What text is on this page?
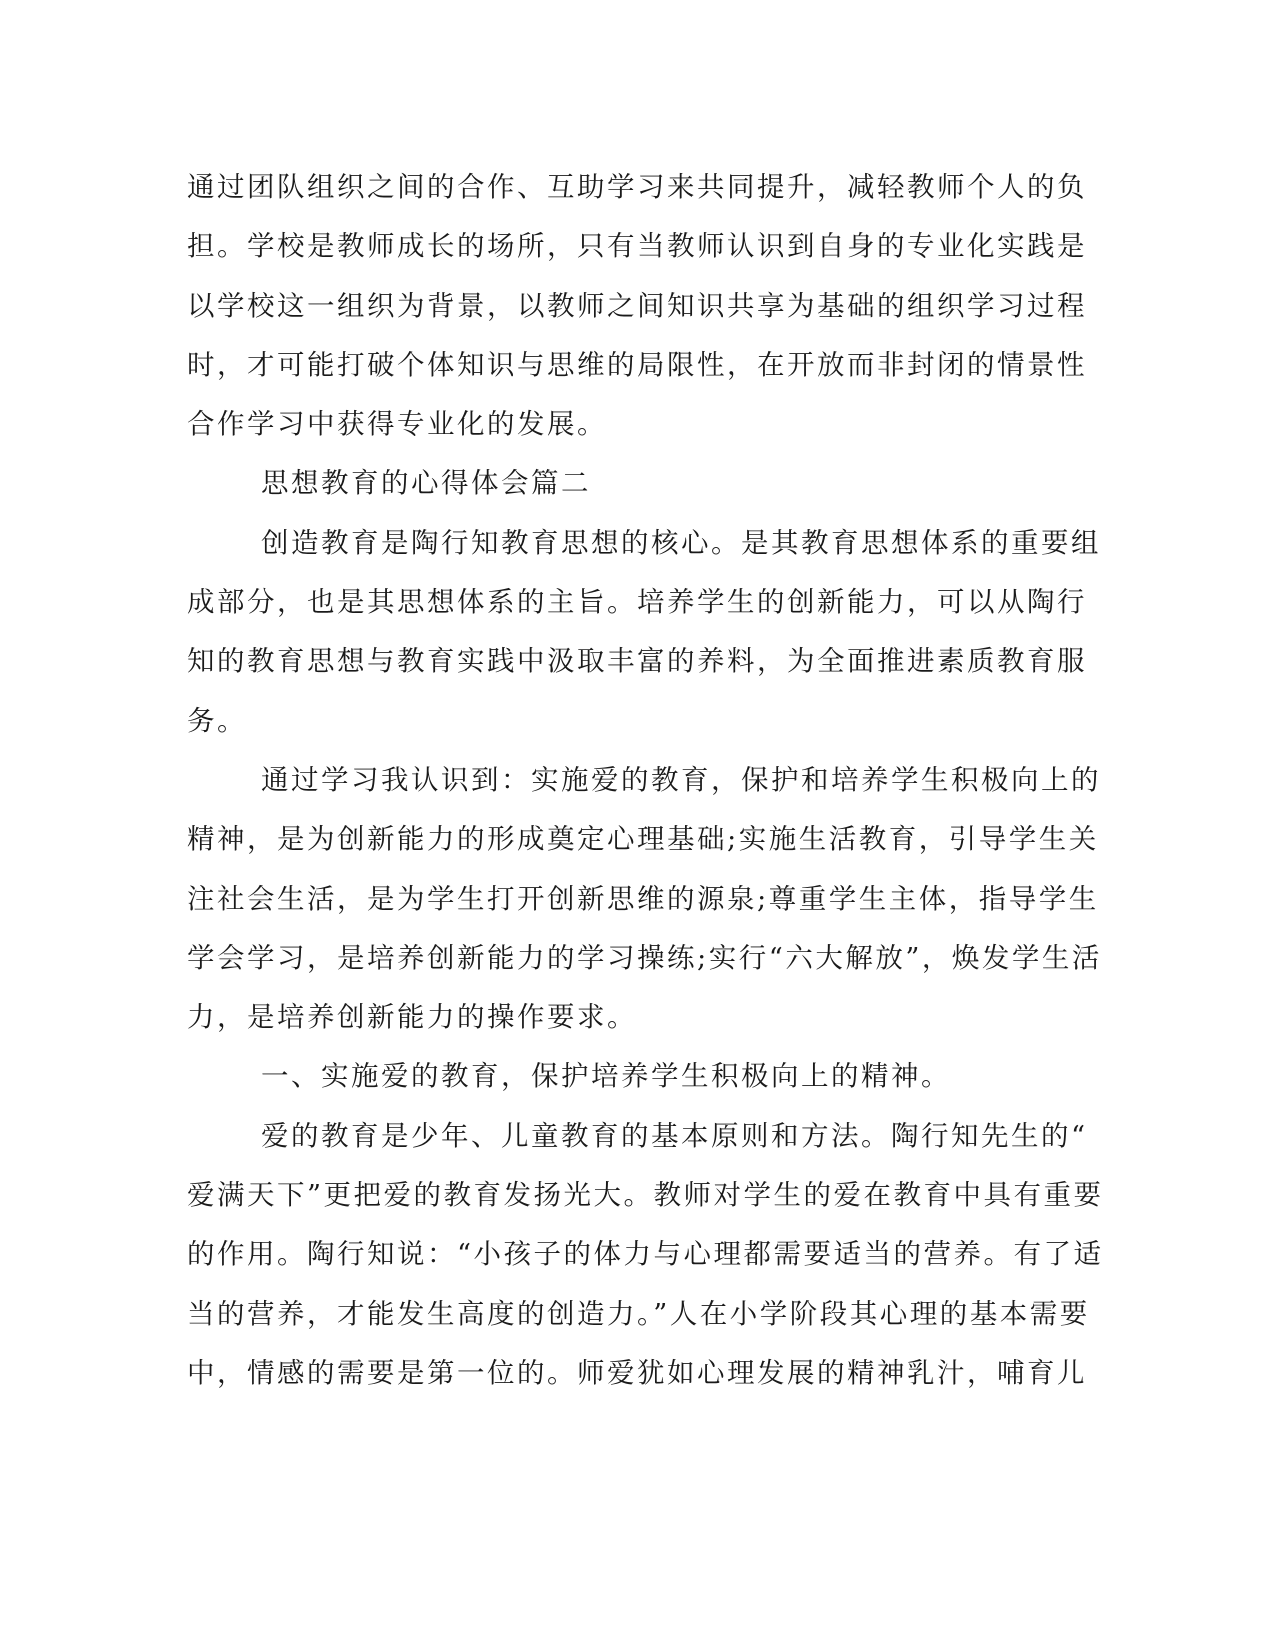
通过团队组织之间的合作、互助学习来共同提升，减轻教师个人的负
担。学校是教师成长的场所，只有当教师认识到自身的专业化实践是
以学校这一组织为背景，以教师之间知识共享为基础的组织学习过程
时，才可能打破个体知识与思维的局限性，在开放而非封闭的情景性
合作学习中获得专业化的发展。
思想教育的心得体会篇二
创造教育是陶行知教育思想的核心。是其教育思想体系的重要组
成部分，也是其思想体系的主旨。培养学生的创新能力，可以从陶行
知的教育思想与教育实践中汲取丰富的养料，为全面推进素质教育服
务。
通过学习我认识到：实施爱的教育，保护和培养学生积极向上的
精神，是为创新能力的形成奠定心理基础;实施生活教育，引导学生关
注社会生活，是为学生打开创新思维的源泉;尊重学生主体，指导学生
学会学习，是培养创新能力的学习操练;实行“六大解放”，焕发学生活
力，是培养创新能力的操作要求。
一、实施爱的教育，保护培养学生积极向上的精神。
爱的教育是少年、儿童教育的基本原则和方法。陶行知先生的“
爱满天下”更把爱的教育发扬光大。教师对学生的爱在教育中具有重要
的作用。陶行知说：“小孩子的体力与心理都需要适当的营养。有了适
当的营养，才能发生高度的创造力。”人在小学阶段其心理的基本需要
中，情感的需要是第一位的。师爱犹如心理发展的精神乳汁，哺育儿
